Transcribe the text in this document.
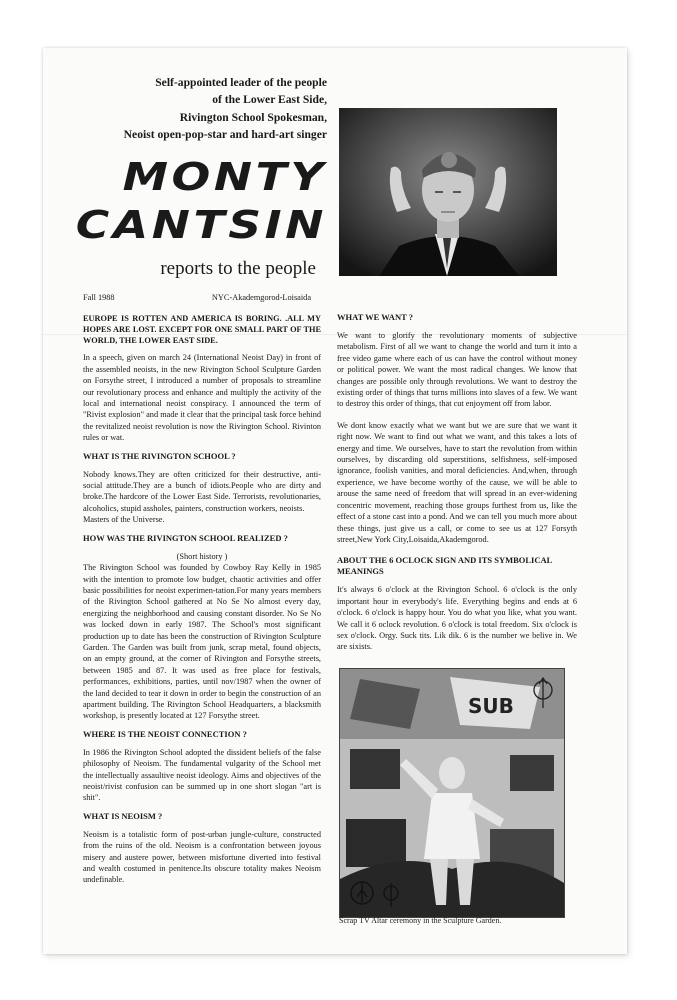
Self-appointed leader of the people
of the Lower East Side,
Rivington School Spokesman,
Neoist open-pop-star and hard-art singer
MONTY
CANTSIN
reports to the people
Fall 1988	NYC-Akademgorod-Loisaida

EUROPE IS ROTTEN AND AMERICA IS BORING. .ALL MY HOPES ARE LOST. EXCEPT FOR ONE SMALL PART OF THE WORLD, THE LOWER EAST SIDE.

In a speech, given on march 24 (International Neoist Day) in front of the assembled neoists, in the new Rivington School Sculpture Garden on Forsythe street, I introduced a number of proposals to streamline our revolutionary process and enhance and multiply the activity of the local and international neoist conspiracy. I announced the term of "Rivist explosion" and made it clear that the principal task force behind the revitalized neoist revolution is now the Rivington School. Rivinton rules or wat.

WHAT IS THE RIVINGTON SCHOOL ?

Nobody knows.They are often criticized for their destructive, anti-social attitude.They are a bunch of idiots.People who are dirty and broke.The hardcore of the Lower East Side. Terrorists, revolutionaries, alcoholics, stupid assholes, painters, construction workers, neoists.

Masters of the Universe.

HOW WAS THE RIVINGTON SCHOOL REALIZED ?

(Short history )

The Rivington School was founded by Cowboy Ray Kelly in 1985 with the intention to promote low budget, chaotic activities and offer basic possibilities for neoist experimen-tation.For many years members of the Rivington School gathered at No Se No almost every day, energizing the neighborhood and causing constant disorder. No Se No was locked down in early 1987. The School's most significant production up to date has been the construction of Rivington Sculpture Garden. The Garden was built from junk, scrap metal, found objects, on an empty ground, at the corner of Rivington and Forsythe streets, between 1985 and 87. It was used as free place for festivals, performances, exhibitions, parties, until nov/1987 when the owner of the land decided to tear it down in order to begin the construction of an apartment building. The Rivington School Headquarters, a blacksmith workshop, is presently located at 127 Forsythe street.

WHERE IS THE NEOIST CONNECTION ?

In 1986 the Rivington School adopted the dissident beliefs of the false philosophy of Neoism. The fundamental vulgarity of the School met the intellectually assaultive neoist ideology. Aims and objectives of the neoist/rivist confusion can be summed up in one short slogan "art is shit".

WHAT IS NEOISM ?

Neoism is a totalistic form of post-urban jungle-culture, constructed from the ruins of the old. Neoism is a confrontation between joyous misery and austere power, between misfortune diverted into festival and wealth costumed in penitence.Its obscure totality makes Neoism undefinable.

WHAT WE WANT ?

We want to glorify the revolutionary moments of subjective metabolism. First of all we want to change the world and turn it into a free video game where each of us can have the control without money or political power. We want the most radical changes. We know that changes are possible only through revolutions. We want to destroy the existing order of things that turns millions into slaves of a few. We want to destroy this order of things, that cut enjoyment off from labor.

We dont know exactly what we want but we are sure that we want it right now. We want to find out what we want, and this takes a lots of energy and time. We ourselves, have to start the revolution from within ourselves, by discarding old superstitions, selfishness, self-imposed ignorance, foolish vanities, and moral deficiencies. And,when, through experience, we have become worthy of the cause, we will be able to arouse the same need of freedom that will spread in an ever-widening concentric movement, reaching those groups furthest from us, like the effect of a stone cast into a pond. And we can tell you much more about these things, just give us a call, or come to see us at 127 Forsyth street,New York City,Loisaida,Akademgorod.

ABOUT THE 6 OCLOCK SIGN AND ITS SYMBOLICAL MEANINGS

It's always 6 o'clock at the Rivington School. 6 o'clock is the only important hour in everybody's life. Everything begins and ends at 6 o'clock. 6 o'clock is happy hour. You do what you like, what you want. We call it 6 oclock revolution. 6 o'clock is total freedom. Six o'clock is sex o'clock. Orgy. Suck tits. Lik dik. 6 is the number we belive in. We are sixists.

SUB
Scrap TV Altar ceremony in the Sculpture Garden.
